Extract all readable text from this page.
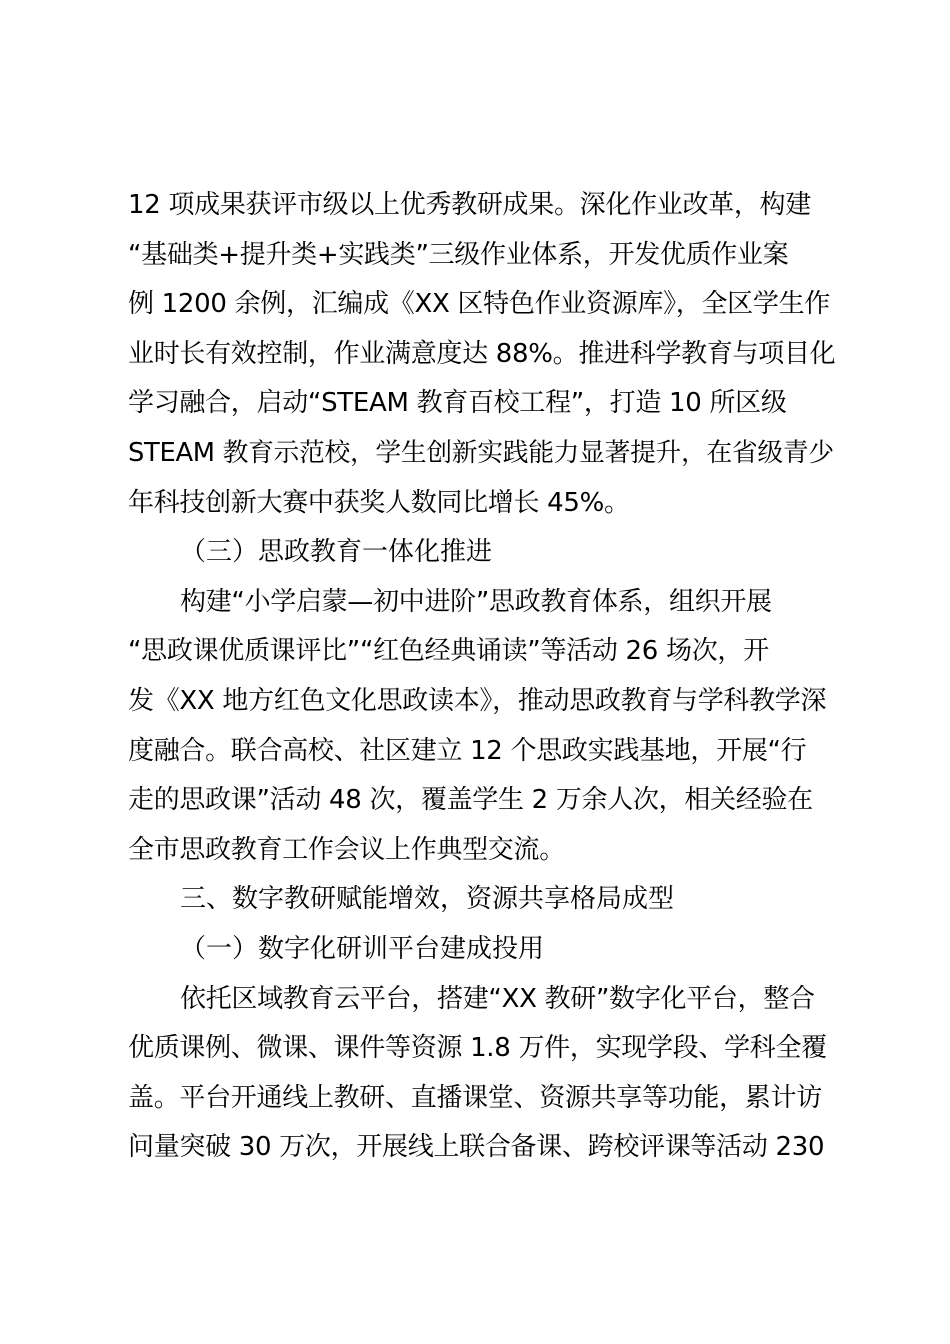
12 项成果获评市级以上优秀教研成果。深化作业改革，构建
“基础类+提升类+实践类”三级作业体系，开发优质作业案
例 1200 余例，汇编成《XX 区特色作业资源库》，全区学生作
业时长有效控制，作业满意度达 88%。推进科学教育与项目化
学习融合，启动“STEAM 教育百校工程”，打造 10 所区级
STEAM 教育示范校，学生创新实践能力显著提升，在省级青少
年科技创新大赛中获奖人数同比增长 45%。
（三）思政教育一体化推进
构建“小学启蒙—初中进阶”思政教育体系，组织开展
“思政课优质课评比”“红色经典诵读”等活动 26 场次，开
发《XX 地方红色文化思政读本》，推动思政教育与学科教学深
度融合。联合高校、社区建立 12 个思政实践基地，开展“行
走的思政课”活动 48 次，覆盖学生 2 万余人次，相关经验在
全市思政教育工作会议上作典型交流。
三、数字教研赋能增效，资源共享格局成型
（一）数字化研训平台建成投用
依托区域教育云平台，搭建“XX 教研”数字化平台，整合
优质课例、微课、课件等资源 1.8 万件，实现学段、学科全覆
盖。平台开通线上教研、直播课堂、资源共享等功能，累计访
问量突破 30 万次，开展线上联合备课、跨校评课等活动 230
